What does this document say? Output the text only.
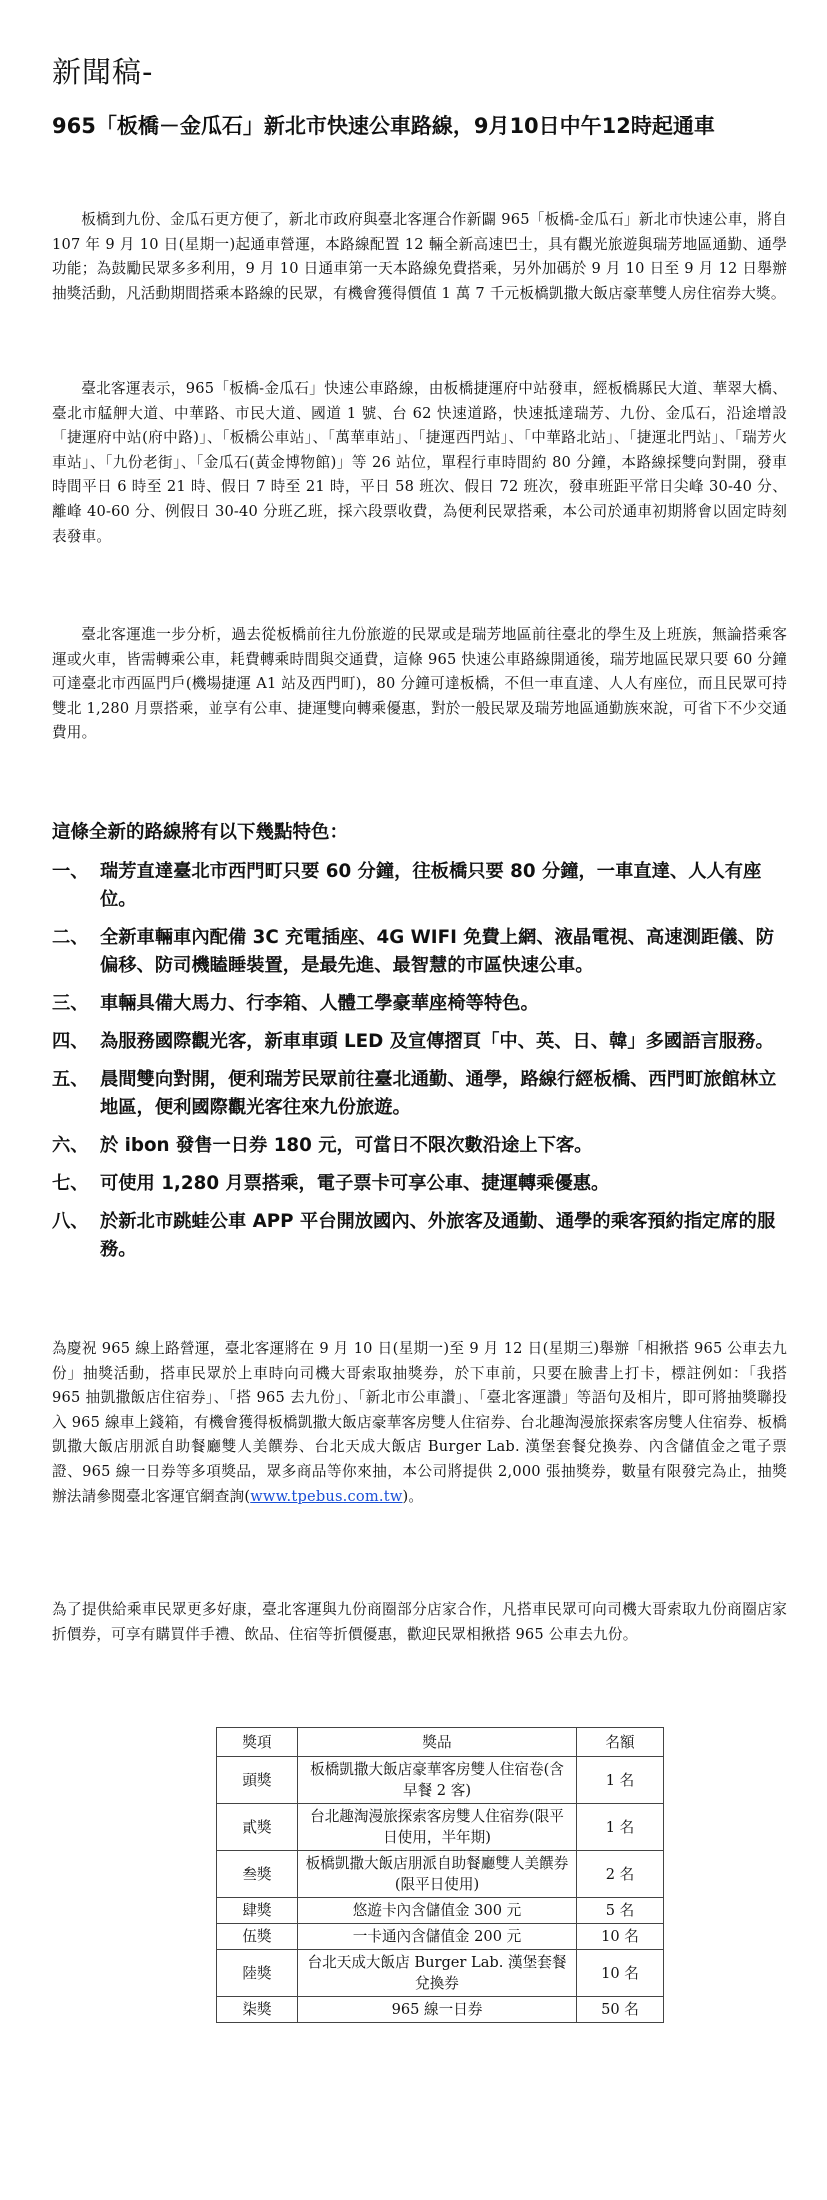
新聞稿-
965「板橋－金瓜石」新北市快速公車路線，9月10日中午12時起通車

板橋到九份、金瓜石更方便了，新北市政府與臺北客運合作新闢 965「板橋-金瓜石」新北市快速公車，將自 107 年 9 月 10 日(星期一)起通車營運，本路線配置 12 輛全新高速巴士，具有觀光旅遊與瑞芳地區通勤、通學功能；為鼓勵民眾多多利用，9 月 10 日通車第一天本路線免費搭乘，另外加碼於 9 月 10 日至 9 月 12 日舉辦抽獎活動，凡活動期間搭乘本路線的民眾，有機會獲得價值 1 萬 7 千元板橋凱撒大飯店豪華雙人房住宿券大獎。

臺北客運表示，965「板橋-金瓜石」快速公車路線，由板橋捷運府中站發車，經板橋縣民大道、華翠大橋、臺北市艋舺大道、中華路、市民大道、國道 1 號、台 62 快速道路，快速抵達瑞芳、九份、金瓜石，沿途增設「捷運府中站(府中路)」、「板橋公車站」、「萬華車站」、「捷運西門站」、「中華路北站」、「捷運北門站」、「瑞芳火車站」、「九份老街」、「金瓜石(黃金博物館)」等 26 站位，單程行車時間約 80 分鐘，本路線採雙向對開，發車時間平日 6 時至 21 時、假日 7 時至 21 時，平日 58 班次、假日 72 班次，發車班距平常日尖峰 30-40 分、離峰 40-60 分、例假日 30-40 分班乙班，採六段票收費，為便利民眾搭乘，本公司於通車初期將會以固定時刻表發車。

臺北客運進一步分析，過去從板橋前往九份旅遊的民眾或是瑞芳地區前往臺北的學生及上班族，無論搭乘客運或火車，皆需轉乘公車，耗費轉乘時間與交通費，這條 965 快速公車路線開通後，瑞芳地區民眾只要 60 分鐘可達臺北市西區門戶(機場捷運 A1 站及西門町)，80 分鐘可達板橋，不但一車直達、人人有座位，而且民眾可持雙北 1,280 月票搭乘，並享有公車、捷運雙向轉乘優惠，對於一般民眾及瑞芳地區通勤族來說，可省下不少交通費用。

這條全新的路線將有以下幾點特色：
一、 瑞芳直達臺北市西門町只要 60 分鐘，往板橋只要 80 分鐘，一車直達、人人有座位。
二、 全新車輛車內配備 3C 充電插座、4G WIFI 免費上網、液晶電視、高速測距儀、防偏移、防司機瞌睡裝置，是最先進、最智慧的市區快速公車。
三、 車輛具備大馬力、行李箱、人體工學豪華座椅等特色。
四、 為服務國際觀光客，新車車頭 LED 及宣傳摺頁「中、英、日、韓」多國語言服務。
五、 晨間雙向對開，便利瑞芳民眾前往臺北通勤、通學，路線行經板橋、西門町旅館林立地區，便利國際觀光客往來九份旅遊。
六、 於 ibon 發售一日券 180 元，可當日不限次數沿途上下客。
七、 可使用 1,280 月票搭乘，電子票卡可享公車、捷運轉乘優惠。
八、 於新北市跳蛙公車 APP 平台開放國內、外旅客及通勤、通學的乘客預約指定席的服務。

為慶祝 965 線上路營運，臺北客運將在 9 月 10 日(星期一)至 9 月 12 日(星期三)舉辦「相揪搭 965 公車去九份」抽獎活動，搭車民眾於上車時向司機大哥索取抽獎券，於下車前，只要在臉書上打卡，標註例如：「我搭 965 抽凱撒飯店住宿券」、「搭 965 去九份」、「新北市公車讚」、「臺北客運讚」等語句及相片，即可將抽獎聯投入 965 線車上錢箱，有機會獲得板橋凱撒大飯店豪華客房雙人住宿券、台北趣淘漫旅探索客房雙人住宿券、板橋凱撒大飯店朋派自助餐廳雙人美饌券、台北天成大飯店 Burger Lab. 漢堡套餐兌換券、內含儲值金之電子票證、965 線一日券等多項獎品，眾多商品等你來抽，本公司將提供 2,000 張抽獎券，數量有限發完為止，抽獎辦法請參閱臺北客運官網查詢(www.tpebus.com.tw)。

為了提供給乘車民眾更多好康，臺北客運與九份商圈部分店家合作，凡搭車民眾可向司機大哥索取九份商圈店家折價券，可享有購買伴手禮、飲品、住宿等折價優惠，歡迎民眾相揪搭 965 公車去九份。

獎項	獎品	名額
頭獎	板橋凱撒大飯店豪華客房雙人住宿卷(含早餐 2 客)	1 名
貳獎	台北趣淘漫旅探索客房雙人住宿券(限平日使用，半年期)	1 名
叁獎	板橋凱撒大飯店朋派自助餐廳雙人美饌券(限平日使用)	2 名
肆獎	悠遊卡內含儲值金 300 元	5 名
伍獎	一卡通內含儲值金 200 元	10 名
陸獎	台北天成大飯店 Burger Lab. 漢堡套餐兌換券	10 名
柒獎	965 線一日券	50 名
